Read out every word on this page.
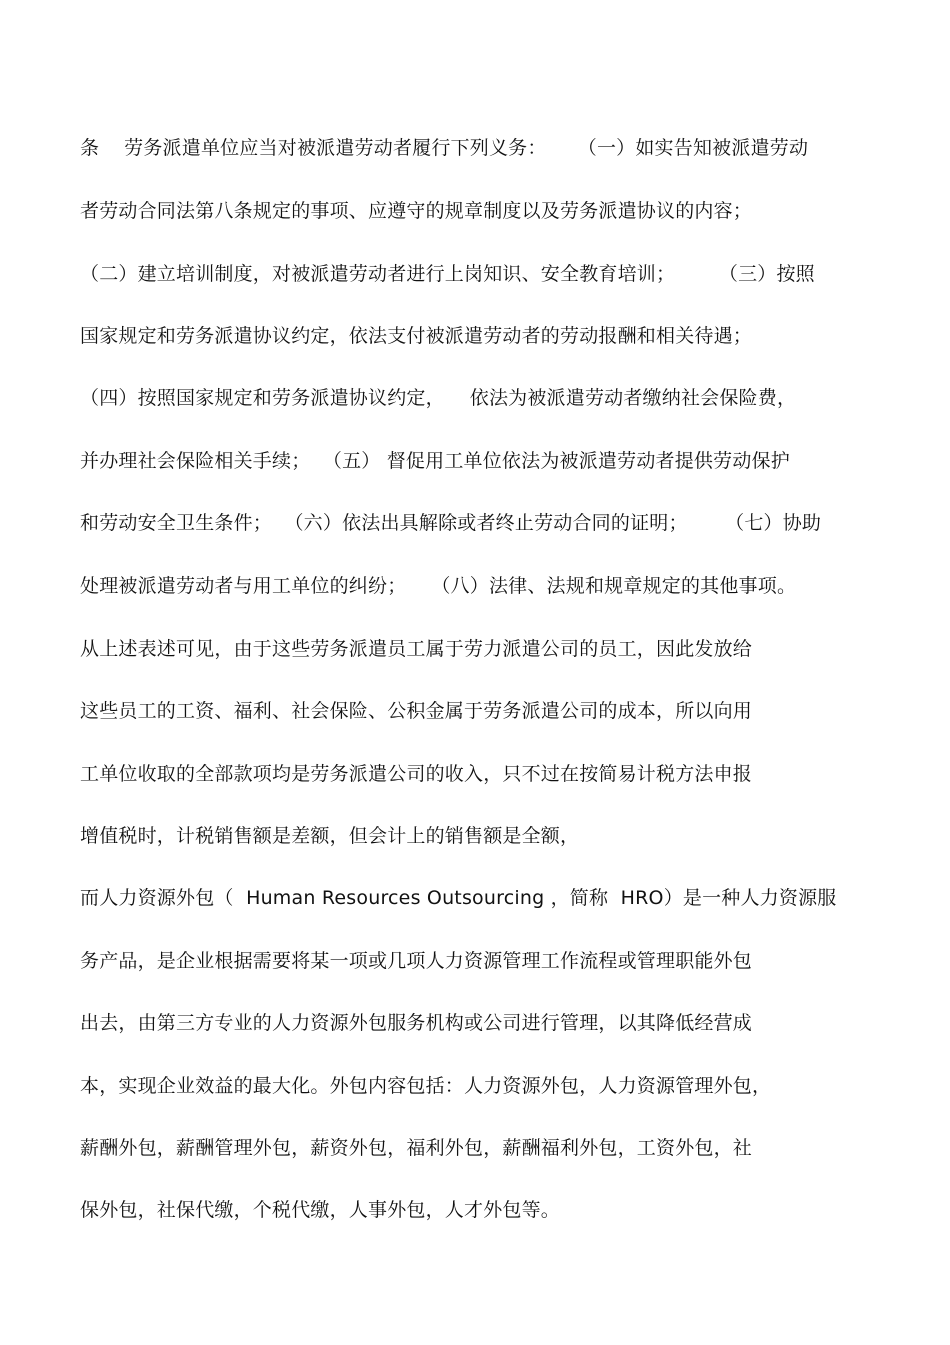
条    劳务派遣单位应当对被派遣劳动者履行下列义务：     （一）如实告知被派遣劳动
者劳动合同法第八条规定的事项、应遵守的规章制度以及劳务派遣协议的内容；
（二）建立培训制度，对被派遣劳动者进行上岗知识、安全教育培训；       （三）按照
国家规定和劳务派遣协议约定，依法支付被派遣劳动者的劳动报酬和相关待遇；
（四）按照国家规定和劳务派遣协议约定，    依法为被派遣劳动者缴纳社会保险费，
并办理社会保险相关手续；  （五） 督促用工单位依法为被派遣劳动者提供劳动保护
和劳动安全卫生条件；  （六）依法出具解除或者终止劳动合同的证明；      （七）协助
处理被派遣劳动者与用工单位的纠纷；    （八）法律、法规和规章规定的其他事项。
从上述表述可见，由于这些劳务派遣员工属于劳力派遣公司的员工，因此发放给
这些员工的工资、福利、社会保险、公积金属于劳务派遣公司的成本，所以向用
工单位收取的全部款项均是劳务派遣公司的收入，只不过在按简易计税方法申报
增值税时，计税销售额是差额，但会计上的销售额是全额，
而人力资源外包（  Human Resources Outsourcing ，简称  HRO）是一种人力资源服
务产品，是企业根据需要将某一项或几项人力资源管理工作流程或管理职能外包
出去，由第三方专业的人力资源外包服务机构或公司进行管理，以其降低经营成
本，实现企业效益的最大化。外包内容包括：人力资源外包，人力资源管理外包，
薪酬外包，薪酬管理外包，薪资外包，福利外包，薪酬福利外包，工资外包，社
保外包，社保代缴，个税代缴，人事外包，人才外包等。
